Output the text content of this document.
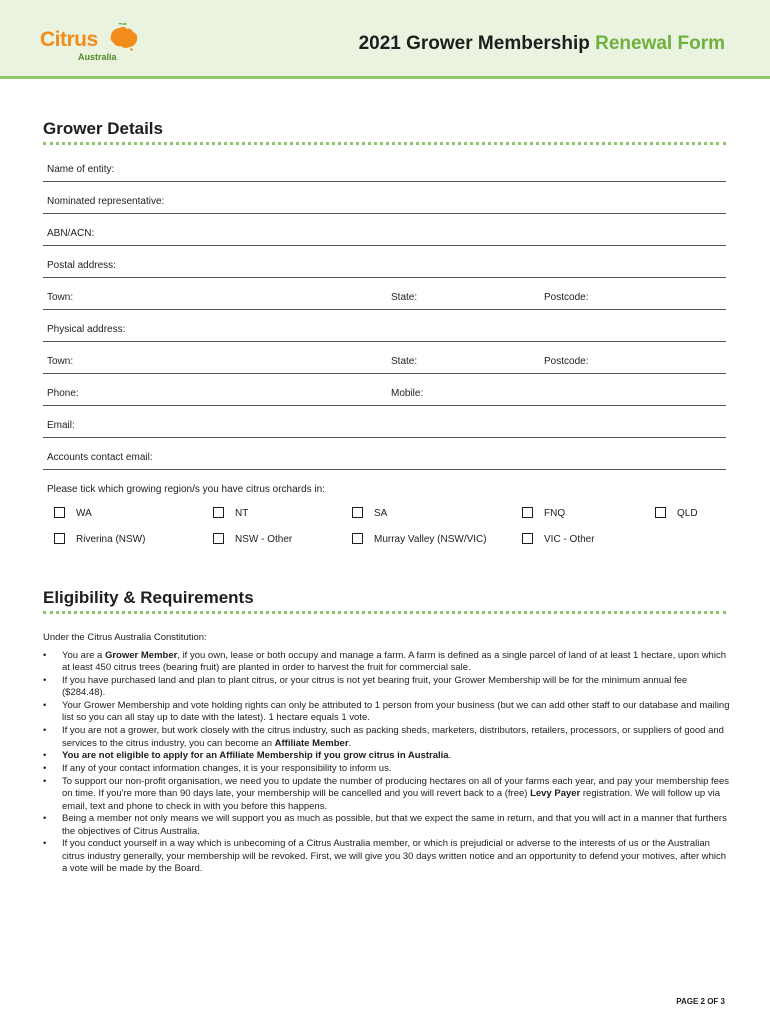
Citrus
Australia
2021 Grower Membership Renewal Form
Grower Details
Name of entity:
Nominated representative:
ABN/ACN:
Postal address:
Town:	State:	Postcode:
Physical address:
Town:	State:	Postcode:
Phone:	Mobile:
Email:
Accounts contact email:
Please tick which growing region/s you have citrus orchards in:
WA	NT	SA	FNQ	QLD
Riverina (NSW)	NSW - Other	Murray Valley (NSW/VIC)	VIC - Other
Eligibility & Requirements
Under the Citrus Australia Constitution:
• You are a Grower Member, if you own, lease or both occupy and manage a farm. A farm is defined as a single parcel of land of at least 1 hectare, upon which at least 450 citrus trees (bearing fruit) are planted in order to harvest the fruit for commercial sale.
• If you have purchased land and plan to plant citrus, or your citrus is not yet bearing fruit, your Grower Membership will be for the minimum annual fee ($284.48).
• Your Grower Membership and vote holding rights can only be attributed to 1 person from your business (but we can add other staff to our database and mailing list so you can all stay up to date with the latest). 1 hectare equals 1 vote.
• If you are not a grower, but work closely with the citrus industry, such as packing sheds, marketers, distributors, retailers, processors, or suppliers of good and services to the citrus industry, you can become an Affiliate Member.
• You are not eligible to apply for an Affiliate Membership if you grow citrus in Australia.
• If any of your contact information changes, it is your responsibility to inform us.
• To support our non-profit organisation, we need you to update the number of producing hectares on all of your farms each year, and pay your membership fees on time. If you're more than 90 days late, your membership will be cancelled and you will revert back to a (free) Levy Payer registration. We will follow up via email, text and phone to check in with you before this happens.
• Being a member not only means we will support you as much as possible, but that we expect the same in return, and that you will act in a manner that furthers the objectives of Citrus Australia.
• If you conduct yourself in a way which is unbecoming of a Citrus Australia member, or which is prejudicial or adverse to the interests of us or the Australian citrus industry generally, your membership will be revoked. First, we will give you 30 days written notice and an opportunity to defend your motives, after which a vote will be made by the Board.
PAGE 2 OF 3
